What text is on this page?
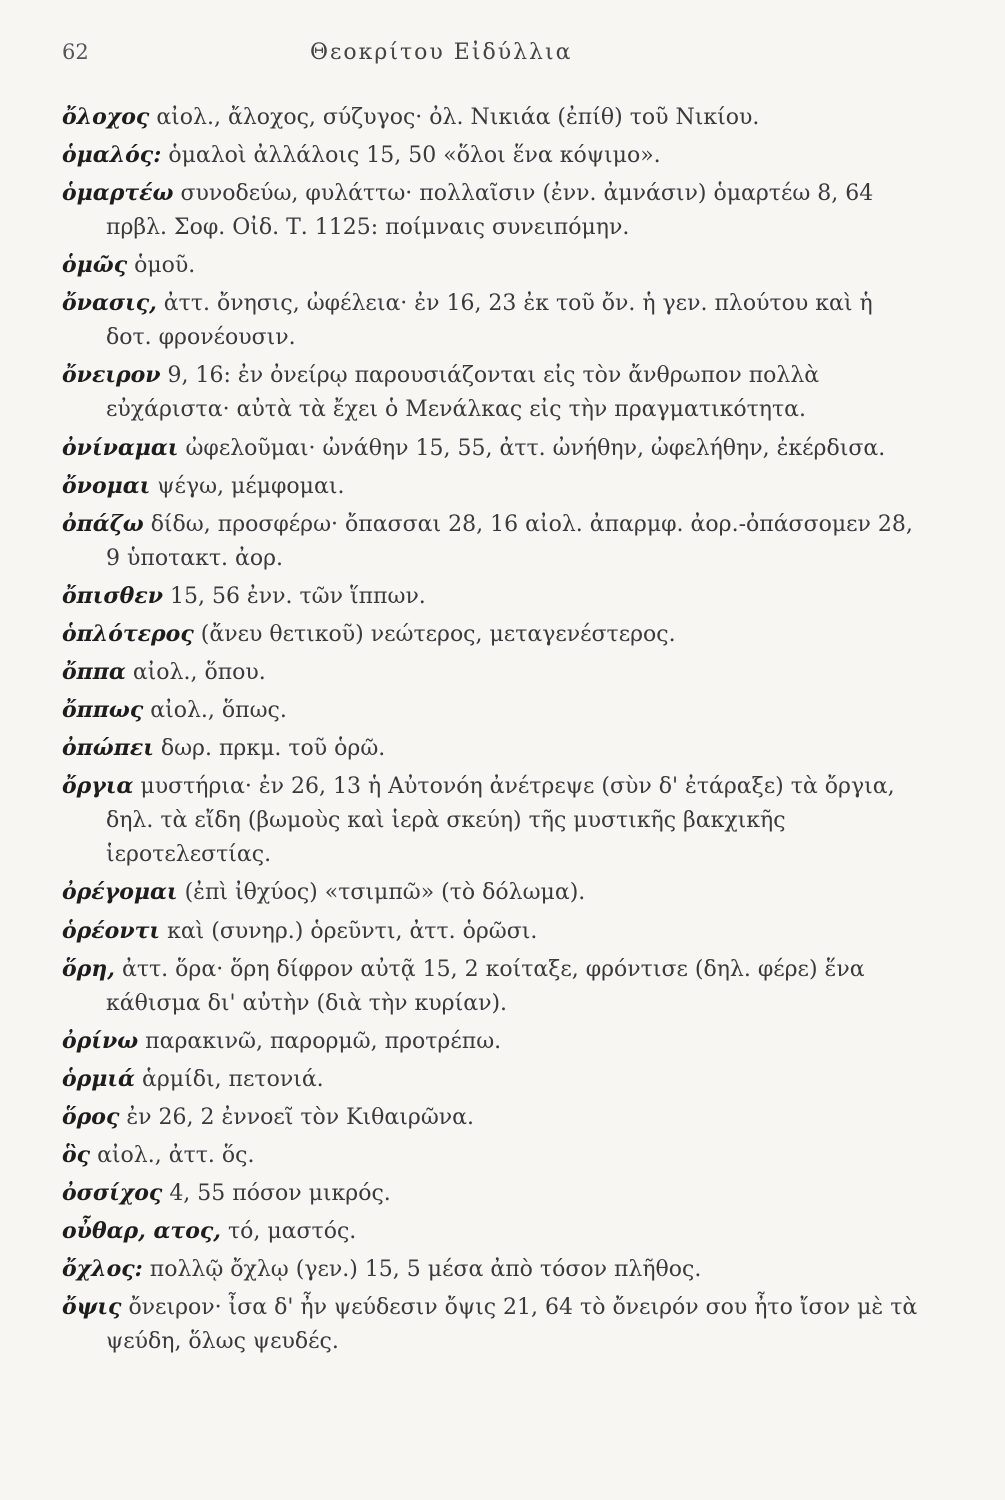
62	Θεοκρίτου Εἰδύλλια

ὄλοχος αἰολ., ἄλοχος, σύζυγος· ὀλ. Νικιάα (ἐπίθ) τοῦ Νικίου.

ὁμαλός: ὁμαλοὶ ἀλλάλοις 15, 50 «ὅλοι ἕνα κόψιμο».

ὁμαρτέω συνοδεύω, φυλάττω· πολλαῖσιν (ἐνν. ἀμνάσιν) ὁμαρτέω 8, 64 πρβλ. Σοφ. Οἰδ. Τ. 1125: ποίμναις συνειπόμην.

ὁμῶς ὁμοῦ.

ὄνασις, ἀττ. ὄνησις, ὠφέλεια· ἐν 16, 23 ἐκ τοῦ ὄν. ἡ γεν. πλούτου καὶ ἡ δοτ. φρονέουσιν.

ὄνειρον 9, 16: ἐν ὀνείρῳ παρουσιάζονται εἰς τὸν ἄνθρωπον πολλὰ εὐχάριστα· αὐτὰ τὰ ἔχει ὁ Μενάλκας εἰς τὴν πραγματικότητα.

ὀνίναμαι ὠφελοῦμαι· ὠνάθην 15, 55, ἀττ. ὠνήθην, ὠφελήθην, ἐκέρδισα.

ὄνομαι ψέγω, μέμφομαι.

ὀπάζω δίδω, προσφέρω· ὄπασσαι 28, 16 αἰολ. ἀπαρμφ. ἀορ.-ὀπάσσομεν 28, 9 ὑποτακτ. ἀορ.

ὄπισθεν 15, 56 ἐνν. τῶν ἵππων.

ὁπλότερος (ἄνευ θετικοῦ) νεώτερος, μεταγενέστερος.

ὄππα αἰολ., ὅπου.

ὄππως αἰολ., ὅπως.

ὀπώπει δωρ. πρκμ. τοῦ ὁρῶ.

ὄργια μυστήρια· ἐν 26, 13 ἡ Αὐτονόη ἀνέτρεψε (σὺν δ' ἐτάραξε) τὰ ὄργια, δηλ. τὰ εἴδη (βωμοὺς καὶ ἱερὰ σκεύη) τῆς μυστικῆς βακχικῆς ἱεροτελεστίας.

ὀρέγομαι (ἐπὶ ἰθχύος) «τσιμπῶ» (τὸ δόλωμα).

ὁρέοντι καὶ (συνηρ.) ὁρεῦντι, ἀττ. ὁρῶσι.

ὅρη, ἀττ. ὅρα· ὅρη δίφρον αὐτᾷ 15, 2 κοίταξε, φρόντισε (δηλ. φέρε) ἕνα κάθισμα δι' αὐτὴν (διὰ τὴν κυρίαν).

ὀρίνω παρακινῶ, παρορμῶ, προτρέπω.

ὁρμιά ἁρμίδι, πετονιά.

ὅρος ἐν 26, 2 ἐννοεῖ τὸν Κιθαιρῶνα.

ὃς αἰολ., ἀττ. ὅς.

ὀσσίχος 4, 55 πόσον μικρός.

οὖθαρ, ατος, τό, μαστός.

ὄχλος: πολλῷ ὄχλῳ (γεν.) 15, 5 μέσα ἀπὸ τόσον πλῆθος.

ὄψις ὄνειρον· ἶσα δ' ἦν ψεύδεσιν ὄψις 21, 64 τὸ ὄνειρόν σου ἦτο ἴσον μὲ τὰ ψεύδη, ὅλως ψευδές.
